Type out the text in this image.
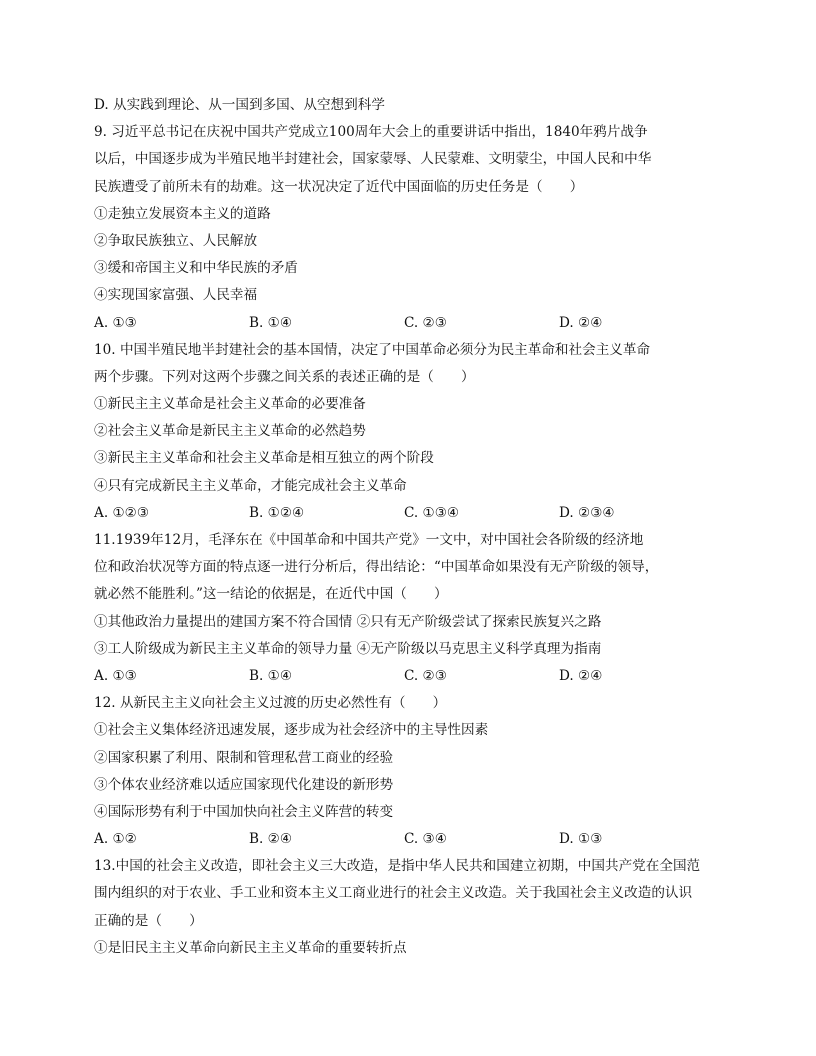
D. 从实践到理论、从一国到多国、从空想到科学
9. 习近平总书记在庆祝中国共产党成立100周年大会上的重要讲话中指出，1840年鸦片战争
以后，中国逐步成为半殖民地半封建社会，国家蒙辱、人民蒙难、文明蒙尘，中国人民和中华
民族遭受了前所未有的劫难。这一状况决定了近代中国面临的历史任务是（　　）
①走独立发展资本主义的道路
②争取民族独立、人民解放
③缓和帝国主义和中华民族的矛盾
④实现国家富强、人民幸福
A. ①③	B. ①④	C. ②③	D. ②④
10. 中国半殖民地半封建社会的基本国情，决定了中国革命必须分为民主革命和社会主义革命
两个步骤。下列对这两个步骤之间关系的表述正确的是（　　）
①新民主主义革命是社会主义革命的必要准备
②社会主义革命是新民主主义革命的必然趋势
③新民主主义革命和社会主义革命是相互独立的两个阶段
④只有完成新民主主义革命，才能完成社会主义革命
A. ①②③	B. ①②④	C. ①③④	D. ②③④
11.1939年12月，毛泽东在《中国革命和中国共产党》一文中，对中国社会各阶级的经济地
位和政治状况等方面的特点逐一进行分析后，得出结论：“中国革命如果没有无产阶级的领导，
就必然不能胜利。”这一结论的依据是，在近代中国（　　）
①其他政治力量提出的建国方案不符合国情 ②只有无产阶级尝试了探索民族复兴之路
③工人阶级成为新民主主义革命的领导力量 ④无产阶级以马克思主义科学真理为指南
A. ①③	B. ①④	C. ②③	D. ②④
12. 从新民主主义向社会主义过渡的历史必然性有（　　）
①社会主义集体经济迅速发展，逐步成为社会经济中的主导性因素
②国家积累了利用、限制和管理私营工商业的经验
③个体农业经济难以适应国家现代化建设的新形势
④国际形势有利于中国加快向社会主义阵营的转变
A. ①②	B. ②④	C. ③④	D. ①③
13.中国的社会主义改造，即社会主义三大改造，是指中华人民共和国建立初期，中国共产党在全国范
围内组织的对于农业、手工业和资本主义工商业进行的社会主义改造。关于我国社会主义改造的认识
正确的是（　　）
①是旧民主主义革命向新民主主义革命的重要转折点
